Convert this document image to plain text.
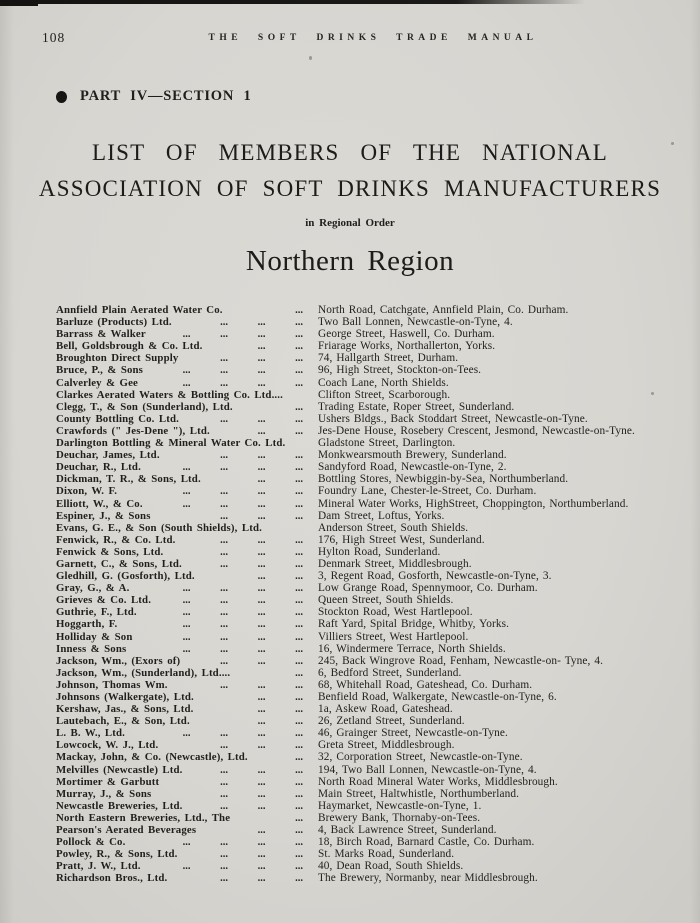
108	THE SOFT DRINKS TRADE MANUAL
PART IV—SECTION 1
LIST OF MEMBERS OF THE NATIONAL
ASSOCIATION OF SOFT DRINKS MANUFACTURERS
in Regional Order
Northern Region
Annfield Plain Aerated Water Co.	...	North Road, Catchgate, Annfield Plain, Co. Durham.
Barluze (Products) Ltd.	... ... ...	Two Ball Lonnen, Newcastle-on-Tyne, 4.
Barrass & Walker	... ... ... ...	George Street, Haswell, Co. Durham.
Bell, Goldsbrough & Co. Ltd.	... ...	Friarage Works, Northallerton, Yorks.
Broughton Direct Supply	... ... ...	74, Hallgarth Street, Durham.
Bruce, P., & Sons	... ... ... ...	96, High Street, Stockton-on-Tees.
Calverley & Gee	... ... ... ...	Coach Lane, North Shields.
Clarkes Aerated Waters & Bottling Co. Ltd....	Clifton Street, Scarborough.
Clegg, T., & Son (Sunderland), Ltd.	...	Trading Estate, Roper Street, Sunderland.
County Bottling Co. Ltd.	... ... ...	Ushers Bldgs., Back Stoddart Street, Newcastle-on-Tyne.
Crawfords (" Jes-Dene "), Ltd.	... ...	Jes-Dene House, Rosebery Crescent, Jesmond, Newcastle-on-Tyne.
Darlington Bottling & Mineral Water Co. Ltd.	Gladstone Street, Darlington.
Deuchar, James, Ltd.	... ... ...	Monkwearsmouth Brewery, Sunderland.
Deuchar, R., Ltd.	... ... ... ...	Sandyford Road, Newcastle-on-Tyne, 2.
Dickman, T. R., & Sons, Ltd.	... ...	Bottling Stores, Newbiggin-by-Sea, Northumberland.
Dixon, W. F.	... ... ... ...	Foundry Lane, Chester-le-Street, Co. Durham.
Elliott, W., & Co.	... ... ... ...	Mineral Water Works, HighStreet, Choppington, Northumberland.
Espiner, J., & Sons	... ... ...	Dam Street, Loftus, Yorks.
Evans, G. E., & Son (South Shields), Ltd.	Anderson Street, South Shields.
Fenwick, R., & Co. Ltd.	... ... ...	176, High Street West, Sunderland.
Fenwick & Sons, Ltd.	... ... ...	Hylton Road, Sunderland.
Garnett, C., & Sons, Ltd.	... ... ...	Denmark Street, Middlesbrough.
Gledhill, G. (Gosforth), Ltd.	... ...	3, Regent Road, Gosforth, Newcastle-on-Tyne, 3.
Gray, G., & A.	... ... ... ...	Low Grange Road, Spennymoor, Co. Durham.
Grieves & Co. Ltd.	... ... ... ...	Queen Street, South Shields.
Guthrie, F., Ltd.	... ... ... ...	Stockton Road, West Hartlepool.
Hoggarth, F.	... ... ... ...	Raft Yard, Spital Bridge, Whitby, Yorks.
Holliday & Son	... ... ... ...	Villiers Street, West Hartlepool.
Inness & Sons	... ... ... ...	16, Windermere Terrace, North Shields.
Jackson, Wm., (Exors of)	... ... ...	245, Back Wingrove Road, Fenham, Newcastle-on- Tyne, 4.
Jackson, Wm., (Sunderland), Ltd....	...	6, Bedford Street, Sunderland.
Johnson, Thomas Wm.	... ... ...	68, Whitehall Road, Gateshead, Co. Durham.
Johnsons (Walkergate), Ltd.	... ...	Benfield Road, Walkergate, Newcastle-on-Tyne, 6.
Kershaw, Jas., & Sons, Ltd.	... ...	1a, Askew Road, Gateshead.
Lautebach, E., & Son, Ltd.	... ...	26, Zetland Street, Sunderland.
L. B. W., Ltd.	... ... ... ...	46, Grainger Street, Newcastle-on-Tyne.
Lowcock, W. J., Ltd.	... ... ...	Greta Street, Middlesbrough.
Mackay, John, & Co. (Newcastle), Ltd.	...	32, Corporation Street, Newcastle-on-Tyne.
Melvilles (Newcastle) Ltd.	... ... ...	194, Two Ball Lonnen, Newcastle-on-Tyne, 4.
Mortimer & Garbutt	... ... ...	North Road Mineral Water Works, Middlesbrough.
Murray, J., & Sons	... ... ...	Main Street, Haltwhistle, Northumberland.
Newcastle Breweries, Ltd.	... ... ...	Haymarket, Newcastle-on-Tyne, 1.
North Eastern Breweries, Ltd., The	...	Brewery Bank, Thornaby-on-Tees.
Pearson's Aerated Beverages	... ...	4, Back Lawrence Street, Sunderland.
Pollock & Co.	... ... ... ...	18, Birch Road, Barnard Castle, Co. Durham.
Powley, R., & Sons, Ltd.	... ... ...	St. Marks Road, Sunderland.
Pratt, J. W., Ltd.	... ... ... ...	40, Dean Road, South Shields.
Richardson Bros., Ltd.	... ... ...	The Brewery, Normanby, near Middlesbrough.
